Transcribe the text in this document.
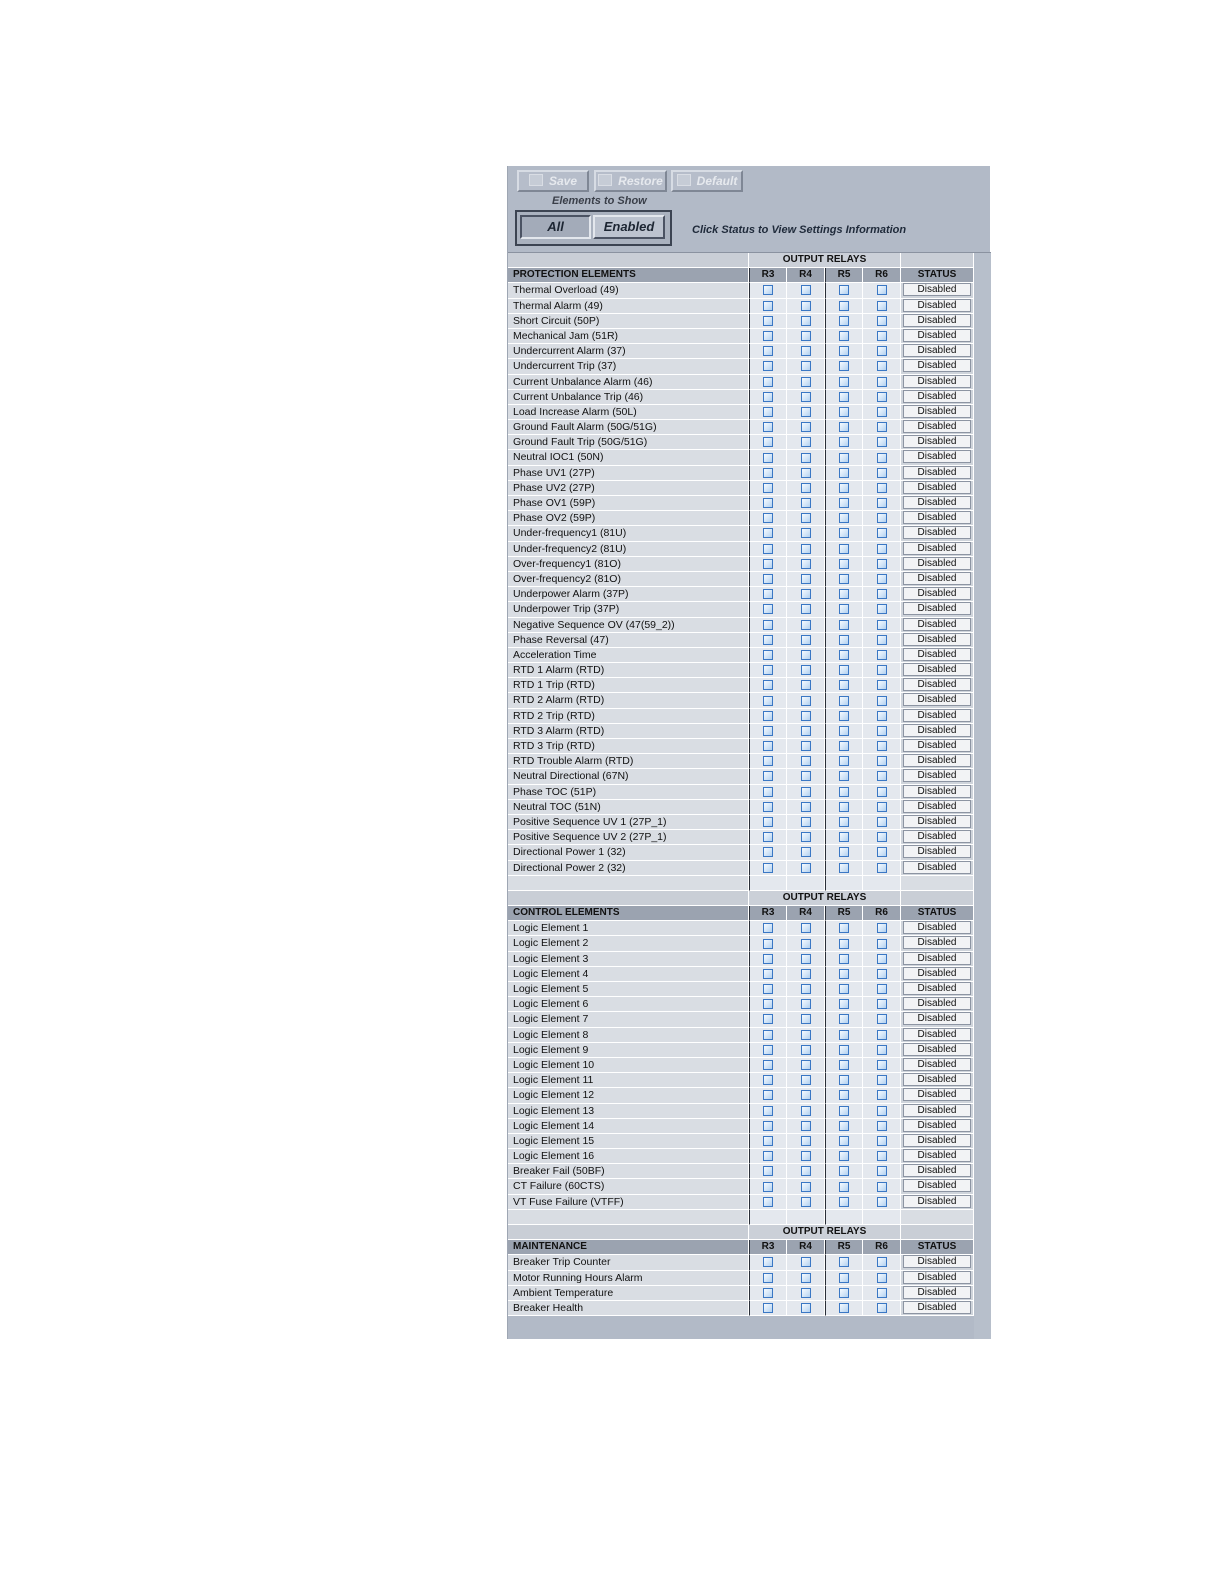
Save	Restore	Default
Elements to Show
All	Enabled	Click Status to View Settings Information
OUTPUT RELAYS
PROTECTION ELEMENTS	R3	R4	R5	R6	STATUS
Thermal Overload (49)	Disabled
Thermal Alarm (49)	Disabled
Short Circuit (50P)	Disabled
Mechanical Jam (51R)	Disabled
Undercurrent Alarm (37)	Disabled
Undercurrent Trip (37)	Disabled
Current Unbalance Alarm (46)	Disabled
Current Unbalance Trip (46)	Disabled
Load Increase Alarm (50L)	Disabled
Ground Fault Alarm (50G/51G)	Disabled
Ground Fault Trip (50G/51G)	Disabled
Neutral IOC1 (50N)	Disabled
Phase UV1 (27P)	Disabled
Phase UV2 (27P)	Disabled
Phase OV1 (59P)	Disabled
Phase OV2 (59P)	Disabled
Under-frequency1 (81U)	Disabled
Under-frequency2 (81U)	Disabled
Over-frequency1 (81O)	Disabled
Over-frequency2 (81O)	Disabled
Underpower Alarm (37P)	Disabled
Underpower Trip (37P)	Disabled
Negative Sequence OV (47(59_2))	Disabled
Phase Reversal (47)	Disabled
Acceleration Time	Disabled
RTD 1 Alarm (RTD)	Disabled
RTD 1 Trip (RTD)	Disabled
RTD 2 Alarm (RTD)	Disabled
RTD 2 Trip (RTD)	Disabled
RTD 3 Alarm (RTD)	Disabled
RTD 3 Trip (RTD)	Disabled
RTD Trouble Alarm (RTD)	Disabled
Neutral Directional (67N)	Disabled
Phase TOC (51P)	Disabled
Neutral TOC (51N)	Disabled
Positive Sequence UV 1 (27P_1)	Disabled
Positive Sequence UV 2 (27P_1)	Disabled
Directional Power 1 (32)	Disabled
Directional Power 2 (32)	Disabled
OUTPUT RELAYS
CONTROL ELEMENTS	R3	R4	R5	R6	STATUS
Logic Element 1	Disabled
Logic Element 2	Disabled
Logic Element 3	Disabled
Logic Element 4	Disabled
Logic Element 5	Disabled
Logic Element 6	Disabled
Logic Element 7	Disabled
Logic Element 8	Disabled
Logic Element 9	Disabled
Logic Element 10	Disabled
Logic Element 11	Disabled
Logic Element 12	Disabled
Logic Element 13	Disabled
Logic Element 14	Disabled
Logic Element 15	Disabled
Logic Element 16	Disabled
Breaker Fail (50BF)	Disabled
CT Failure (60CTS)	Disabled
VT Fuse Failure (VTFF)	Disabled
OUTPUT RELAYS
MAINTENANCE	R3	R4	R5	R6	STATUS
Breaker Trip Counter	Disabled
Motor Running Hours Alarm	Disabled
Ambient Temperature	Disabled
Breaker Health	Disabled
